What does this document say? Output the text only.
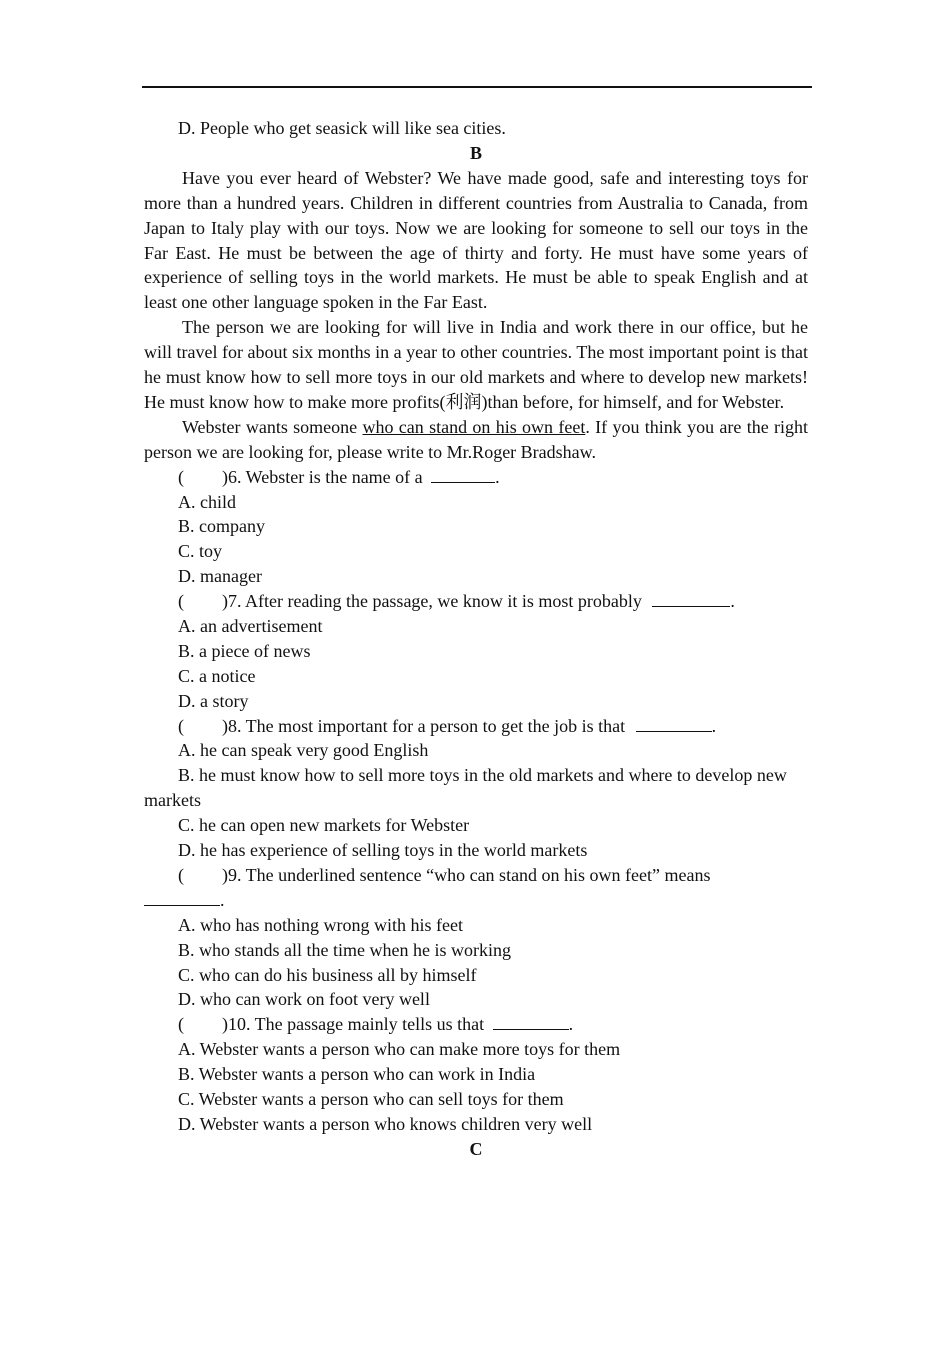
D. People who get seasick will like sea cities.
B
Have you ever heard of Webster? We have made good, safe and interesting toys for more than a hundred years. Children in different countries from Australia to Canada, from Japan to Italy play with our toys. Now we are looking for someone to sell our toys in the Far East. He must be between the age of thirty and forty. He must have some years of experience of selling toys in the world markets. He must be able to speak English and at least one other language spoken in the Far East.
The person we are looking for will live in India and work there in our office, but he will travel for about six months in a year to other countries. The most important point is that he must know how to sell more toys in our old markets and where to develop new markets! He must know how to make more profits(利润)than before, for himself, and for Webster.
Webster wants someone who can stand on his own feet. If you think you are the right person we are looking for, please write to Mr.Roger Bradshaw.
( )6. Webster is the name of a	.
A. child
B. company
C. toy
D. manager
( )7. After reading the passage, we know it is most probably	.
A. an advertisement
B. a piece of news
C. a notice
D. a story
( )8. The most important for a person to get the job is that	.
A. he can speak very good English
B. he must know how to sell more toys in the old markets and where to develop new markets
C. he can open new markets for Webster
D. he has experience of selling toys in the world markets
( )9. The underlined sentence “who can stand on his own feet” means
.
A. who has nothing wrong with his feet
B. who stands all the time when he is working
C. who can do his business all by himself
D. who can work on foot very well
( )10. The passage mainly tells us that	.
A. Webster wants a person who can make more toys for them
B. Webster wants a person who can work in India
C. Webster wants a person who can sell toys for them
D. Webster wants a person who knows children very well
C
